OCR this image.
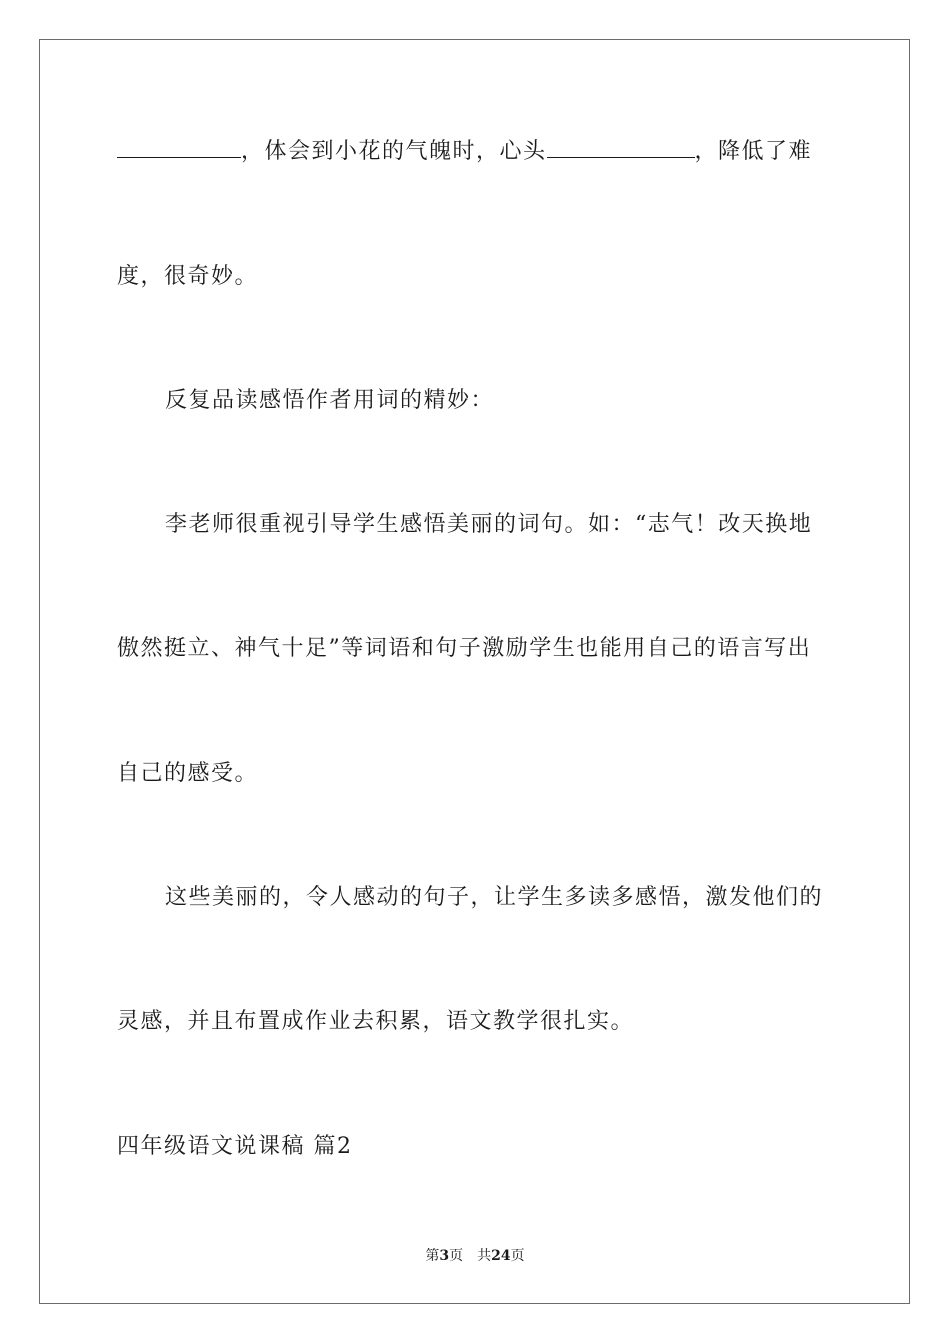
，体会到小花的气魄时，心头	，降低了难
度，很奇妙。
反复品读感悟作者用词的精妙：
李老师很重视引导学生感悟美丽的词句。如：“志气！改天换地
傲然挺立、神气十足”等词语和句子激励学生也能用自己的语言写出
自己的感受。
这些美丽的，令人感动的句子，让学生多读多感悟，激发他们的
灵感，并且布置成作业去积累，语文教学很扎实。
四年级语文说课稿 篇2
第3页 共24页
